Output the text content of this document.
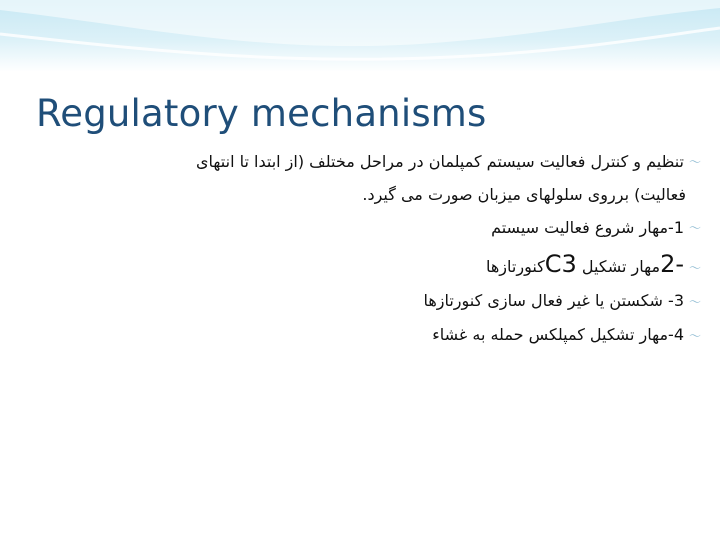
Regulatory mechanisms
〜تنظیم و کنترل فعالیت سیستم کمپلمان در مراحل مختلف (از ابتدا تا انتهای
فعالیت) برروی سلولهای میزبان صورت می گیرد.
〜1-مهار شروع فعالیت سیستم
〜2-مهار تشکیل C3کنورتازها
〜3- شکستن یا غیر فعال سازی کنورتازها
〜4-مهار تشکیل کمپلکس حمله به غشاء
